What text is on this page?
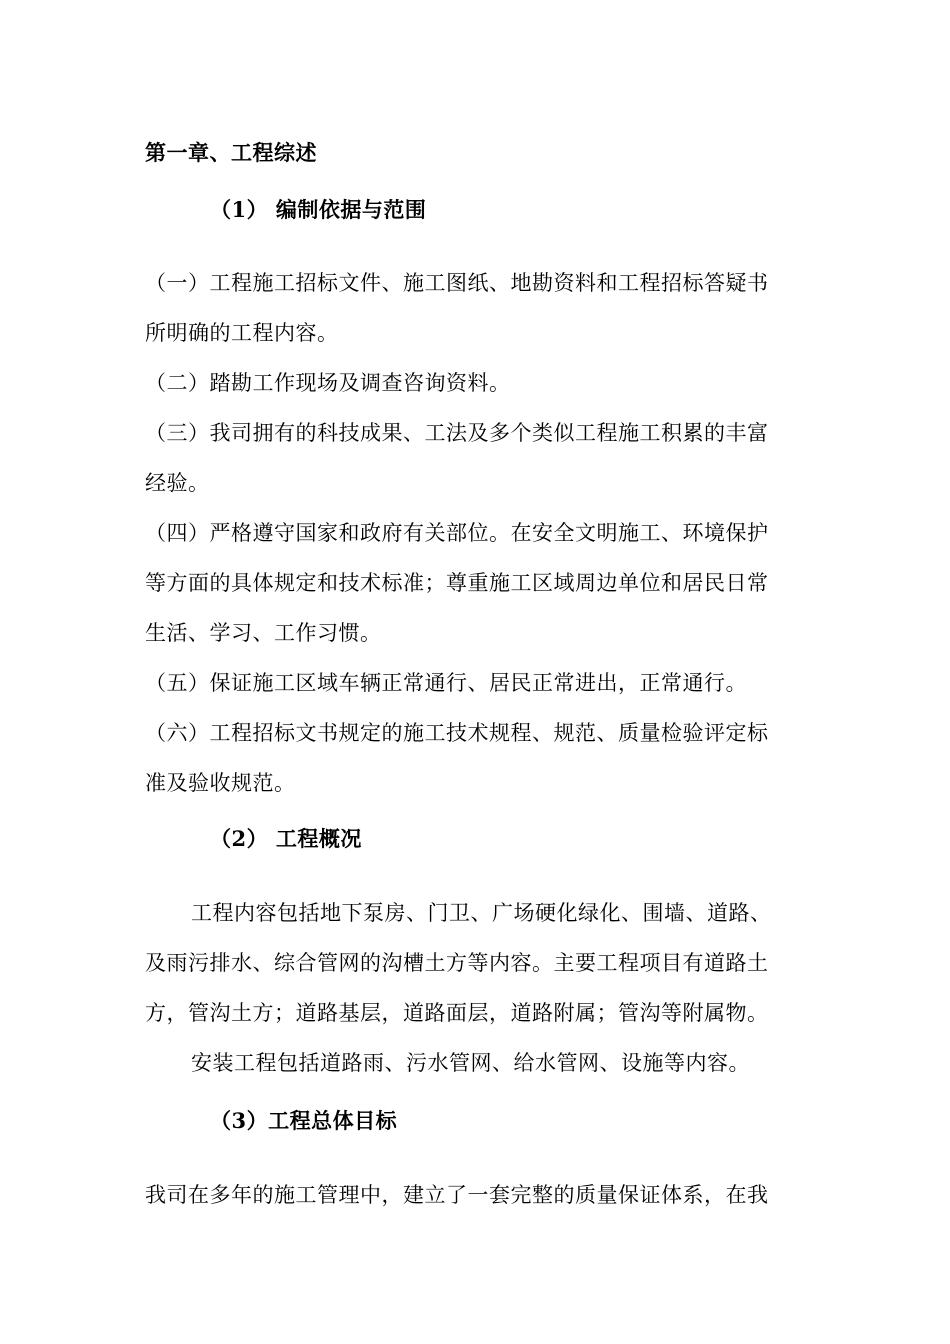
第一章、工程综述
（1） 编制依据与范围
（一）工程施工招标文件、施工图纸、地勘资料和工程招标答疑书
所明确的工程内容。
（二）踏勘工作现场及调查咨询资料。
（三）我司拥有的科技成果、工法及多个类似工程施工积累的丰富
经验。
（四）严格遵守国家和政府有关部位。在安全文明施工、环境保护
等方面的具体规定和技术标准；尊重施工区域周边单位和居民日常
生活、学习、工作习惯。
（五）保证施工区域车辆正常通行、居民正常进出，正常通行。
（六）工程招标文书规定的施工技术规程、规范、质量检验评定标
准及验收规范。
（2） 工程概况
工程内容包括地下泵房、门卫、广场硬化绿化、围墙、道路、
及雨污排水、综合管网的沟槽土方等内容。主要工程项目有道路土
方，管沟土方；道路基层，道路面层，道路附属；管沟等附属物。
安装工程包括道路雨、污水管网、给水管网、设施等内容。
（3）工程总体目标
我司在多年的施工管理中，建立了一套完整的质量保证体系，在我
